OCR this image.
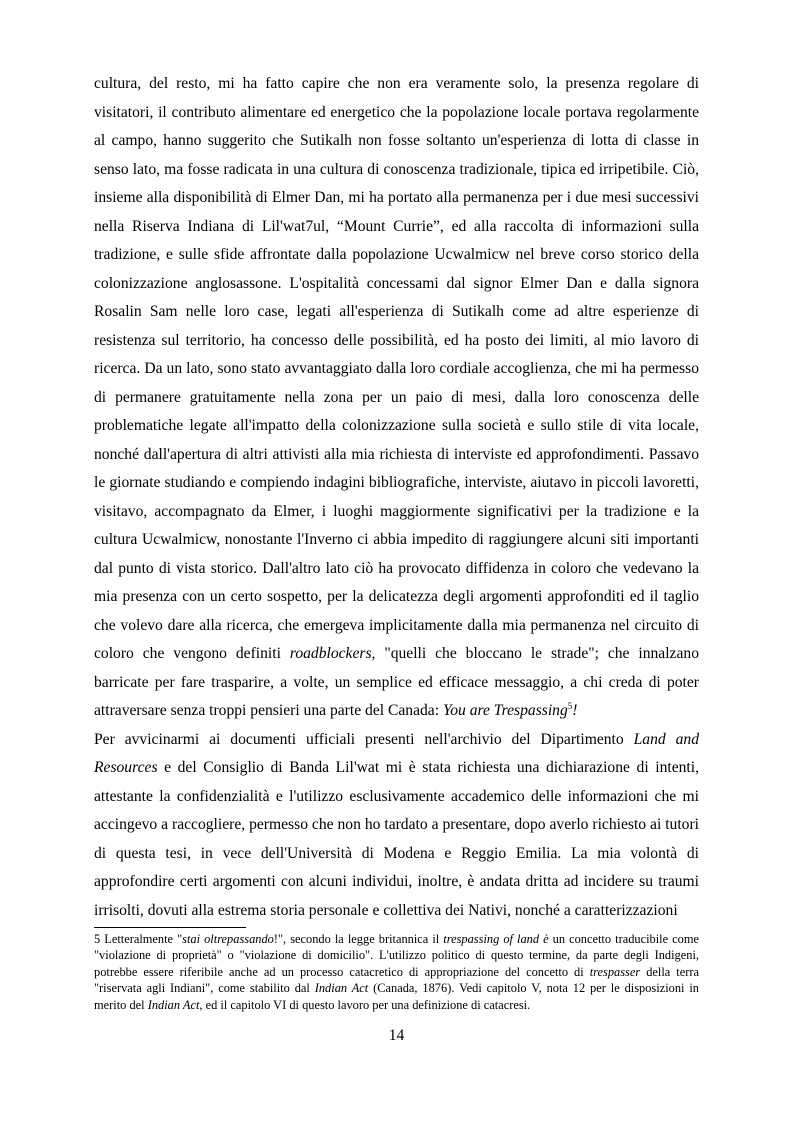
cultura, del resto, mi ha fatto capire che non era veramente solo, la presenza regolare di visitatori, il contributo alimentare ed energetico che la popolazione locale portava regolarmente al campo, hanno suggerito che Sutikalh non fosse soltanto un'esperienza di lotta di classe in senso lato, ma fosse radicata in una cultura di conoscenza tradizionale, tipica ed irripetibile. Ciò, insieme alla disponibilità di Elmer Dan, mi ha portato alla permanenza per i due mesi successivi nella Riserva Indiana di Lil'wat7ul, “Mount Currie”, ed alla raccolta di informazioni sulla tradizione, e sulle sfide affrontate dalla popolazione Ucwalmicw nel breve corso storico della colonizzazione anglosassone. L'ospitalità concessami dal signor Elmer Dan e dalla signora Rosalin Sam nelle loro case, legati all'esperienza di Sutikalh come ad altre esperienze di resistenza sul territorio, ha concesso delle possibilità, ed ha posto dei limiti, al mio lavoro di ricerca. Da un lato, sono stato avvantaggiato dalla loro cordiale accoglienza, che mi ha permesso di permanere gratuitamente nella zona per un paio di mesi, dalla loro conoscenza delle problematiche legate all'impatto della colonizzazione sulla società e sullo stile di vita locale, nonché dall'apertura di altri attivisti alla mia richiesta di interviste ed approfondimenti. Passavo le giornate studiando e compiendo indagini bibliografiche, interviste, aiutavo in piccoli lavoretti, visitavo, accompagnato da Elmer, i luoghi maggiormente significativi per la tradizione e la cultura Ucwalmicw, nonostante l'Inverno ci abbia impedito di raggiungere alcuni siti importanti dal punto di vista storico. Dall'altro lato ciò ha provocato diffidenza in coloro che vedevano la mia presenza con un certo sospetto, per la delicatezza degli argomenti approfonditi ed il taglio che volevo dare alla ricerca, che emergeva implicitamente dalla mia permanenza nel circuito di coloro che vengono definiti roadblockers, "quelli che bloccano le strade"; che innalzano barricate per fare trasparire, a volte, un semplice ed efficace messaggio, a chi creda di poter attraversare senza troppi pensieri una parte del Canada: You are Trespassing$^5$!

Per avvicinarmi ai documenti ufficiali presenti nell'archivio del Dipartimento Land and Resources e del Consiglio di Banda Lil'wat mi è stata richiesta una dichiarazione di intenti, attestante la confidenzialità e l'utilizzo esclusivamente accademico delle informazioni che mi accingevo a raccogliere, permesso che non ho tardato a presentare, dopo averlo richiesto ai tutori di questa tesi, in vece dell'Università di Modena e Reggio Emilia. La mia volontà di approfondire certi argomenti con alcuni individui, inoltre, è andata dritta ad incidere su traumi irrisolti, dovuti alla estrema storia personale e collettiva dei Nativi, nonché a caratterizzazioni

5 Letteralmente "stai oltrepassando!", secondo la legge britannica il trespassing of land è un concetto traducibile come "violazione di proprietà" o "violazione di domicilio". L'utilizzo politico di questo termine, da parte degli Indigeni, potrebbe essere riferibile anche ad un processo catacretico di appropriazione del concetto di trespasser della terra "riservata agli Indiani", come stabilito dal Indian Act (Canada, 1876). Vedi capitolo V, nota 12 per le disposizioni in merito del Indian Act, ed il capitolo VI di questo lavoro per una definizione di catacresi.

14
